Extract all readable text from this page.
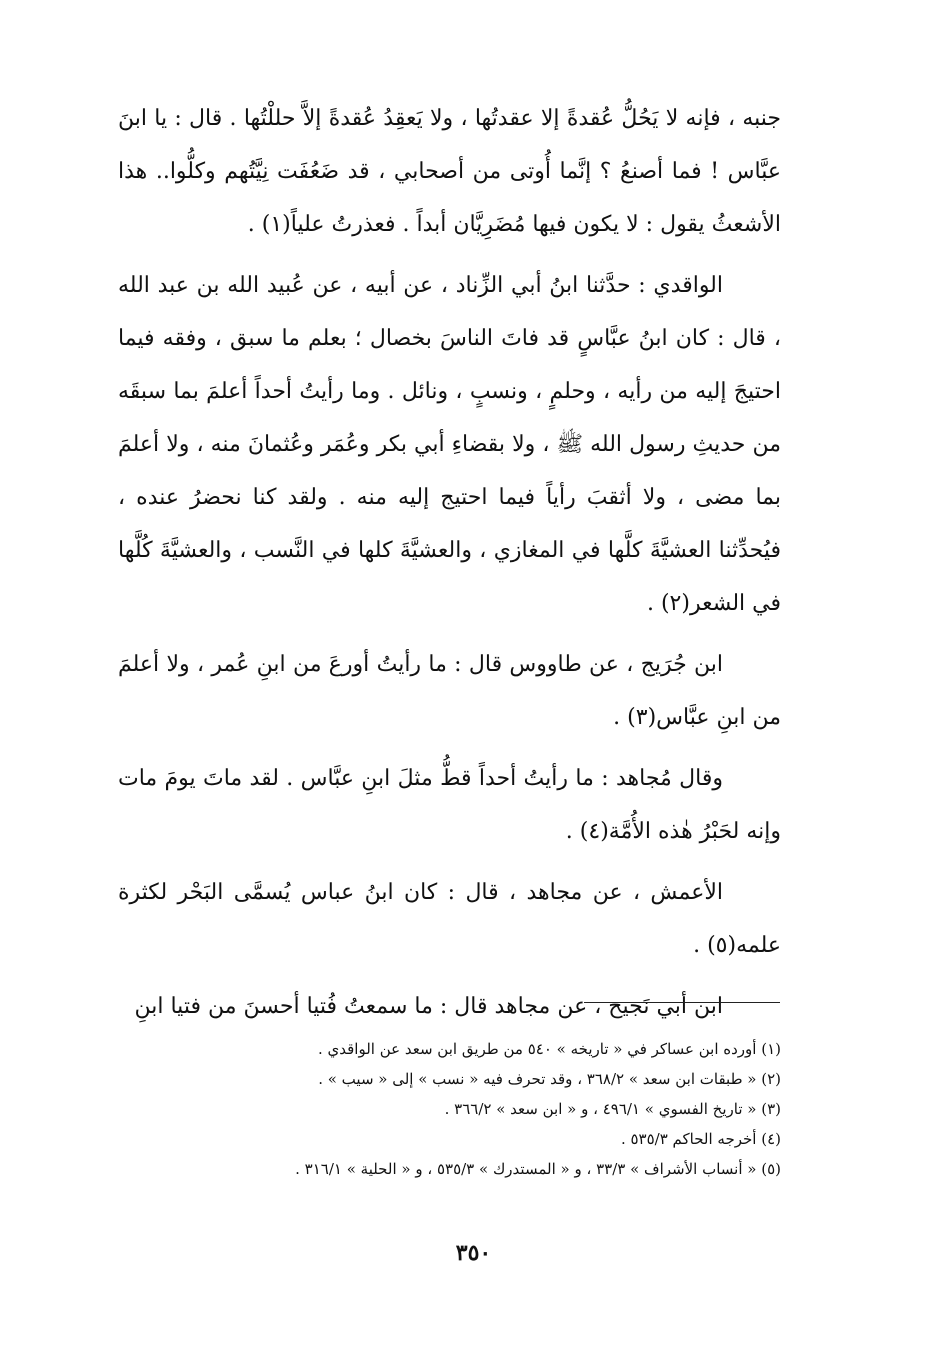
جنبه ، فإنه لا يَحُلُّ عُقدةً إلا عقدتُها ، ولا يَعقِدُ عُقدةً إلاَّ حللْتُها . قال : يا ابنَ عبَّاس ! فما أصنعُ ؟ إنَّما أُوتى من أصحابي ، قد ضَعُفَت نِيَّتُهم وكلُّوا.. هذا الأشعثُ يقول : لا يكون فيها مُضَرِيَّان أبداً . فعذرتُ علياً(١) .

الواقدي : حدَّثنا ابنُ أبي الزِّناد ، عن أبيه ، عن عُبيد الله بن عبد الله ، قال : كان ابنُ عبَّاسٍ قد فاتَ الناسَ بخصال ؛ بعلم ما سبق ، وفقه فيما احتيجَ إليه من رأيه ، وحلمٍ ، ونسبٍ ، ونائل . وما رأيتُ أحداً أعلمَ بما سبقَه من حديثِ رسول الله ﷺ ، ولا بقضاءِ أبي بكر وعُمَر وعُثمانَ منه ، ولا أعلمَ بما مضى ، ولا أثقبَ رأياً فيما احتيج إليه منه . ولقد كنا نحضرُ عنده ، فيُحدِّثنا العشيَّةَ كلَّها في المغازي ، والعشيَّةَ كلها في النَّسب ، والعشيَّةَ كُلَّها في الشعر(٢) .

ابن جُرَيج ، عن طاووس قال : ما رأيتُ أورعَ من ابنِ عُمر ، ولا أعلمَ من ابنِ عبَّاس(٣) .

وقال مُجاهد : ما رأيتُ أحداً قطُّ مثلَ ابنِ عبَّاس . لقد ماتَ يومَ مات وإنه لحَبْرُ هٰذه الأُمَّة(٤) .

الأعمش ، عن مجاهد ، قال : كان ابنُ عباس يُسمَّى البَحْر لكثرة علمه(٥) .

ابن أبي نَجيح ، عن مجاهد قال : ما سمعتُ فُتيا أحسنَ من فتيا ابنِ

(١) أورده ابن عساكر في « تاريخه » ٥٤٠ من طريق ابن سعد عن الواقدي .

(٢) « طبقات ابن سعد » ٣٦٨/٢ ، وقد تحرف فيه « نسب » إلى « سيب » .

(٣) « تاريخ الفسوي » ٤٩٦/١ ، و « ابن سعد » ٣٦٦/٢ .

(٤) أخرجه الحاكم ٥٣٥/٣ .

(٥) « أنساب الأشراف » ٣٣/٣ ، و « المستدرك » ٥٣٥/٣ ، و « الحلية » ٣١٦/١ .

٣٥٠
